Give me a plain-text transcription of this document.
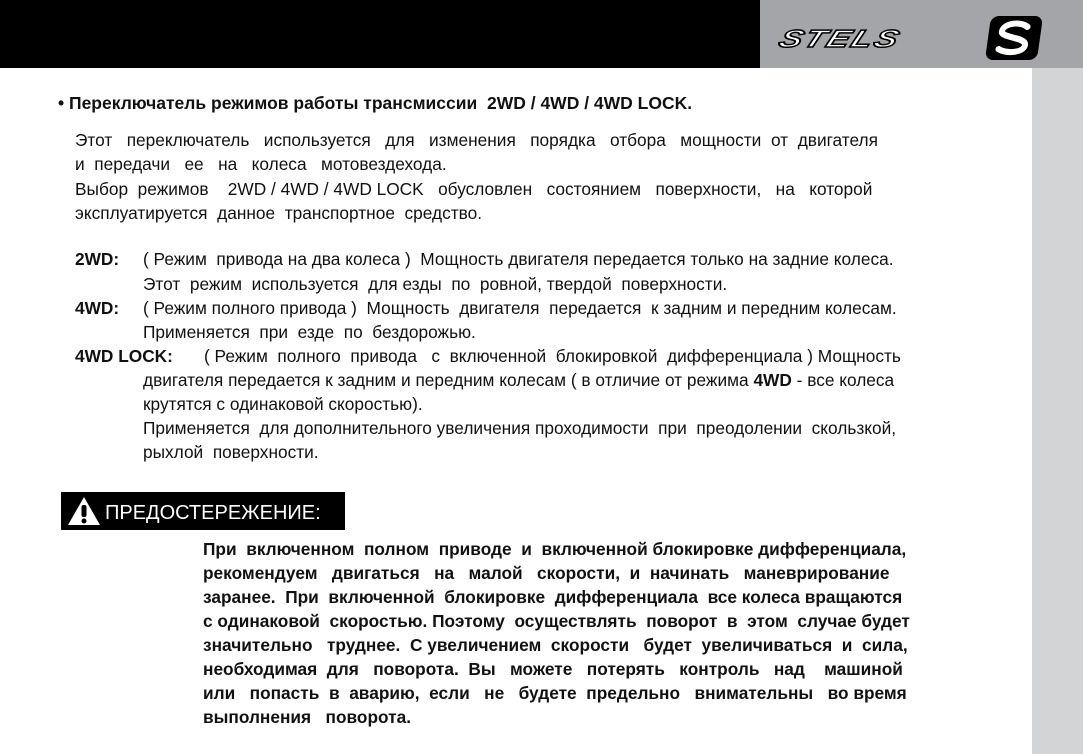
STELS
• Переключатель режимов работы трансмиссии  2WD / 4WD / 4WD LOCK.
Этот   переключатель   используется   для   изменения   порядка   отбора   мощности  от  двигателя
и  передачи   ее   на   колеса   мотовездехода.
Выбор  режимов    2WD / 4WD / 4WD LOCK   обусловлен   состоянием   поверхности,   на   которой
эксплуатируется  данное  транспортное  средство.
2WD: ( Режим  привода на два колеса )  Мощность двигателя передается только на задние колеса.
Этот  режим  используется  для езды  по  ровной, твердой  поверхности.
4WD: ( Режим полного привода )  Мощность  двигателя  передается  к задним и передним колесам.
Применяется  при  езде  по  бездорожью.
4WD LOCK: ( Режим  полного  привода   с  включенной  блокировкой  дифференциала ) Мощность
двигателя передается к задним и передним колесам ( в отличие от режима 4WD - все колеса
крутятся с одинаковой скоростью).
Применяется  для дополнительного увеличения проходимости  при  преодолении  скользкой,
рыхлой  поверхности.
ПРЕДОСТЕРЕЖЕНИЕ:
При  включенном  полном  приводе  и  включенной блокировке дифференциала,
рекомендуем   двигаться   на   малой   скорости,  и  начинать   маневрирование
заранее.  При  включенной  блокировке  дифференциала  все колеса вращаются
с одинаковой  скоростью. Поэтому  осуществлять  поворот  в  этом  случае будет
значительно   труднее.  С увеличением  скорости   будет  увеличиваться  и  сила,
необходимая  для   поворота.  Вы   можете   потерять   контроль   над    машиной
или   попасть  в  аварию,  если   не   будете  предельно   внимательны   во время
выполнения   поворота.
